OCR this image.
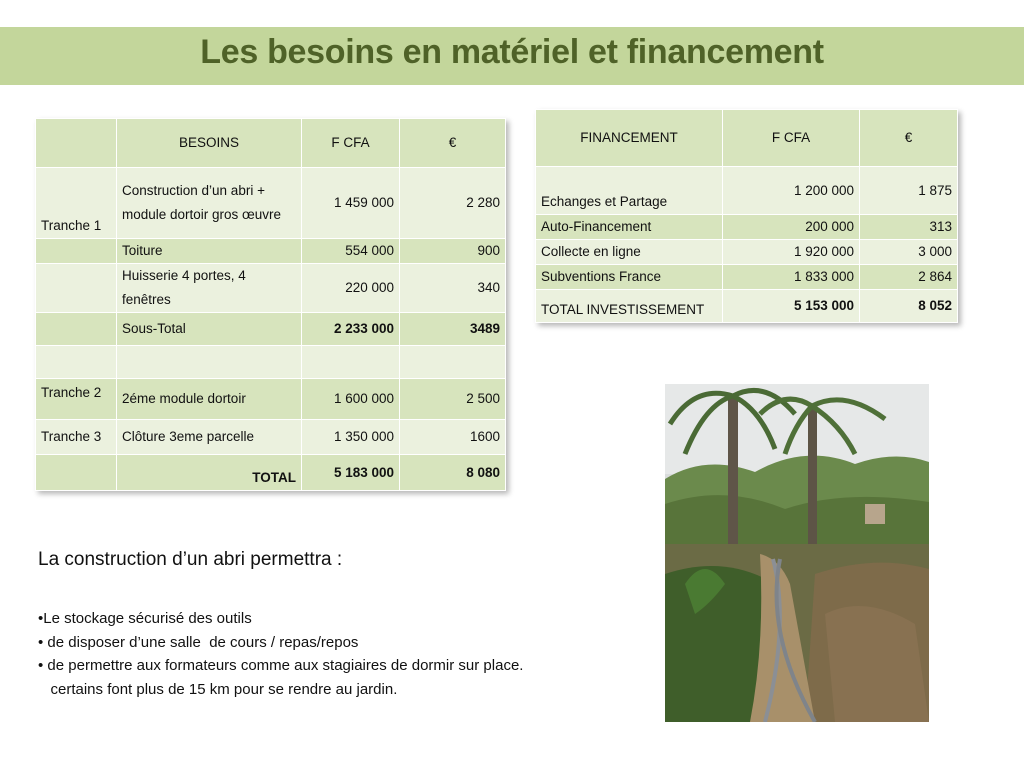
Les besoins en matériel et financement
	BESOINS	F CFA	€
Tranche 1	Construction d’un abri + module dortoir gros œuvre	1 459 000	2 280
	Toiture	554 000	900
	Huisserie 4 portes, 4 fenêtres	220 000	340
	Sous-Total	2 233 000	3489

Tranche 2	2éme module dortoir	1 600 000	2 500
Tranche 3	Clôture 3eme parcelle	1 350 000	1600
	TOTAL	5 183 000	8 080
FINANCEMENT	F CFA	€
Echanges et Partage	1 200 000	1 875
Auto-Financement	200 000	313
Collecte en ligne	1 920 000	3 000
Subventions France	1 833 000	2 864
TOTAL INVESTISSEMENT	5 153 000	8 052
La construction d’un abri permettra :
•Le stockage sécurisé des outils
• de disposer d’une salle  de cours / repas/repos
• de permettre aux formateurs comme aux stagiaires de dormir sur place.
certains font plus de 15 km pour se rendre au jardin.
